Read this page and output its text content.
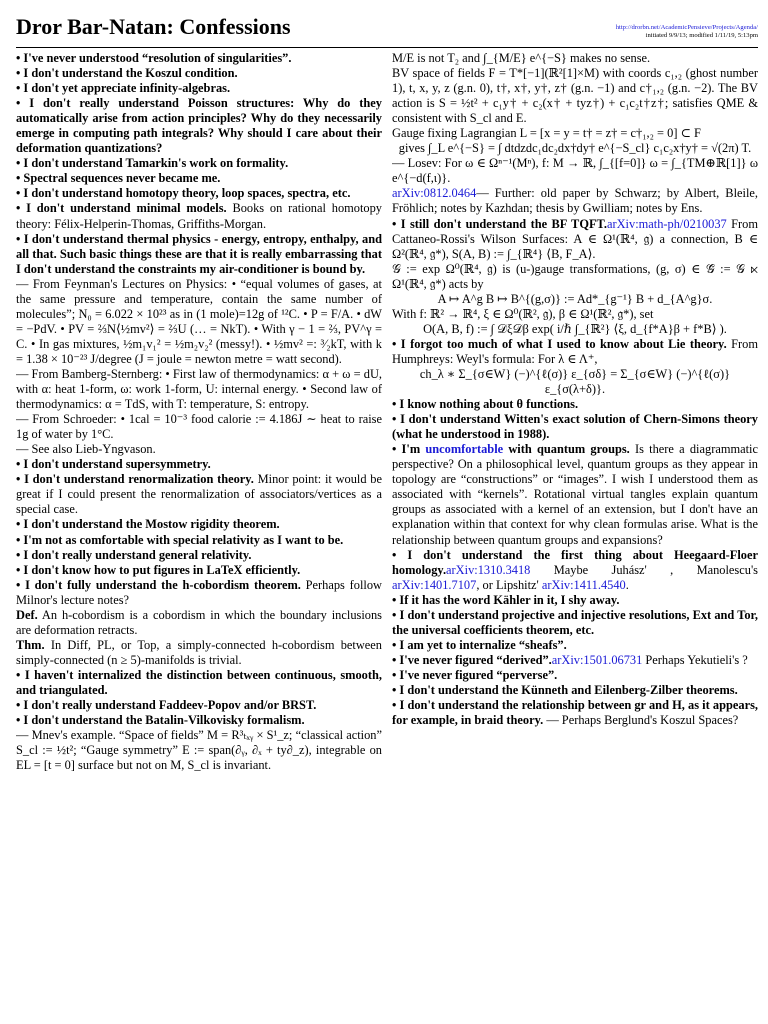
Dror Bar-Natan: Confessions	http://drorbn.net/AcademicPensieve/Projects/Agenda/
initiated 9/9/13; modified 1/11/19, 5:13pm

• I've never understood “resolution of singularities”.

• I don't understand the Koszul condition.

• I don't yet appreciate infinity-algebras.

• I don't really understand Poisson structures: Why do they automatically arise from action principles? Why do they necessarily emerge in computing path integrals? Why should I care about their deformation quantizations?

• I don't understand Tamarkin's work on formality.

• Spectral sequences never became me.

• I don't understand homotopy theory, loop spaces, spectra, etc.

• I don't understand minimal models. Books on rational homotopy theory: Félix-Helperin-Thomas, Griffiths-Morgan.

• I don't understand thermal physics - energy, entropy, enthalpy, and all that. Such basic things these are that it is really embarrassing that I don't understand the constraints my air-conditioner is bound by.

— From Feynman's Lectures on Physics: • “equal volumes of gases, at the same pressure and temperature, contain the same number of molecules”; N₀ = 6.022 × 10²³ as in (1 mole)=12g of ¹²C. • P = F/A. • dW = −PdV. • PV = ⅔N⟨½mv²⟩ = ⅔U (… = NkT). • With γ − 1 = ⅔, PV^γ = C. • In gas mixtures, ½m₁v₁² = ½m₂v₂² (messy!). • ½mv² =: ³⁄₂kT, with k = 1.38 × 10⁻²³ J/degree (J = joule = newton metre = watt second).

— From Bamberg-Sternberg: • First law of thermodynamics: α + ω = dU, with α: heat 1-form, ω: work 1-form, U: internal energy. • Second law of thermodynamics: α = TdS, with T: temperature, S: entropy.

— From Schroeder: • 1cal = 10⁻³ food calorie := 4.186J ∼ heat to raise 1g of water by 1°C.

— See also Lieb-Yngvason.

• I don't understand supersymmetry.

• I don't understand renormalization theory. Minor point: it would be great if I could present the renormalization of associators/vertices as a special case.

• I don't understand the Mostow rigidity theorem.

• I'm not as comfortable with special relativity as I want to be.

• I don't really understand general relativity.

• I don't know how to put figures in LaTeX efficiently.

• I don't fully understand the h-cobordism theorem. Perhaps follow Milnor's lecture notes?

Def. An h-cobordism is a cobordism in which the boundary inclusions are deformation retracts.

Thm. In Diff, PL, or Top, a simply-connected h-cobordism between simply-connected (n ≥ 5)-manifolds is trivial.

• I haven't internalized the distinction between continuous, smooth, and triangulated.

• I don't really understand Faddeev-Popov and/or BRST.

• I don't understand the Batalin-Vilkovisky formalism.

— Mnev's example. “Space of fields” M = R³ₜₓᵧ × S¹_z; “classical action” S_cl := ½t²; “Gauge symmetry” E := span(∂ᵧ, ∂ₓ + ty∂_z), integrable on EL = [t = 0] surface but not on M, S_cl is invariant.

M/E is not T₂ and ∫_{M/E} e^{−S} makes no sense.

BV space of fields F = T*[−1](ℝ²[1]×M) with coords c₁,₂ (ghost number 1), t, x, y, z (g.n. 0), t†, x†, y†, z† (g.n. −1) and c†₁,₂ (g.n. −2). The BV action is S = ½t² + c₁y† + c₂(x† + tyz†) + c₁c₂t†z†; satisfies QME & consistent with S_cl and E.

Gauge fixing Lagrangian L = [x = y = t† = z† = c†₁,₂ = 0] ⊂ F

gives ∫_L e^{−S} = ∫ dtdzdc₁dc₂dx†dy† e^{−S_cl} c₁c₂x†y† = √(2π) T.

— Losev: For ω ∈ Ωⁿ⁻¹(Mⁿ), f: M → ℝ, ∫_{[f=0]} ω = ∫_{TM⊕ℝ[1]} ω e^{−d(f,ι)}.

arXiv:0812.0464— Further: old paper by Schwarz; by Albert, Bleile, Fröhlich; notes by Kazhdan; thesis by Gwilliam; notes by Ens.

• I still don't understand the BF TQFT.arXiv:math-ph/0210037 From Cattaneo-Rossi's Wilson Surfaces: A ∈ Ω¹(ℝ⁴, 𝔤) a connection, B ∈ Ω²(ℝ⁴, 𝔤*), S(A, B) := ∫_{ℝ⁴} ⟨B, F_A⟩.

𝒢 := exp Ω⁰(ℝ⁴, 𝔤) is (u-)gauge transformations, (g, σ) ∈ 𝒢̃ := 𝒢 ⋉ Ω¹(ℝ⁴, 𝔤*) acts by

A ↦ A^g B ↦ B^{(g,σ)} := Ad*_{g⁻¹} B + d_{A^g}σ.

With f: ℝ² → ℝ⁴, ξ ∈ Ω⁰(ℝ², 𝔤), β ∈ Ω¹(ℝ², 𝔤*), set

O(A, B, f) := ∫ 𝒟ξ𝒟β exp( i/ℏ ∫_{ℝ²} ⟨ξ, d_{f*A}β + f*B⟩ ).

• I forgot too much of what I used to know about Lie theory. From Humphreys: Weyl's formula: For λ ∈ Λ⁺,

ch_λ ∗ Σ_{σ∈W} (−)^{ℓ(σ)} ε_{σδ} = Σ_{σ∈W} (−)^{ℓ(σ)} ε_{σ(λ+δ)}.

• I know nothing about θ functions.

• I don't understand Witten's exact solution of Chern-Simons theory (what he understood in 1988).

• I'm uncomfortable with quantum groups. Is there a diagrammatic perspective? On a philosophical level, quantum groups as they appear in topology are “constructions” or “images”. I wish I understood them as associated with “kernels”. Rotational virtual tangles explain quantum groups as associated with a kernel of an extension, but I don't have an explanation within that context for why clean formulas arise. What is the relationship between quantum groups and expansions?

• I don't understand the first thing about Heegaard-Floer homology.arXiv:1310.3418 Maybe Juhász' , Manolescu's arXiv:1401.7107, or Lipshitz' arXiv:1411.4540.

• If it has the word Kähler in it, I shy away.

• I don't understand projective and injective resolutions, Ext and Tor, the universal coefficients theorem, etc.

• I am yet to internalize “sheafs”.

• I've never figured “derived”.arXiv:1501.06731 Perhaps Yekutieli's ?

• I've never figured “perverse”.

• I don't understand the Künneth and Eilenberg-Zilber theorems.

• I don't understand the relationship between gr and H, as it appears, for example, in braid theory. — Perhaps Berglund's Koszul Spaces?
